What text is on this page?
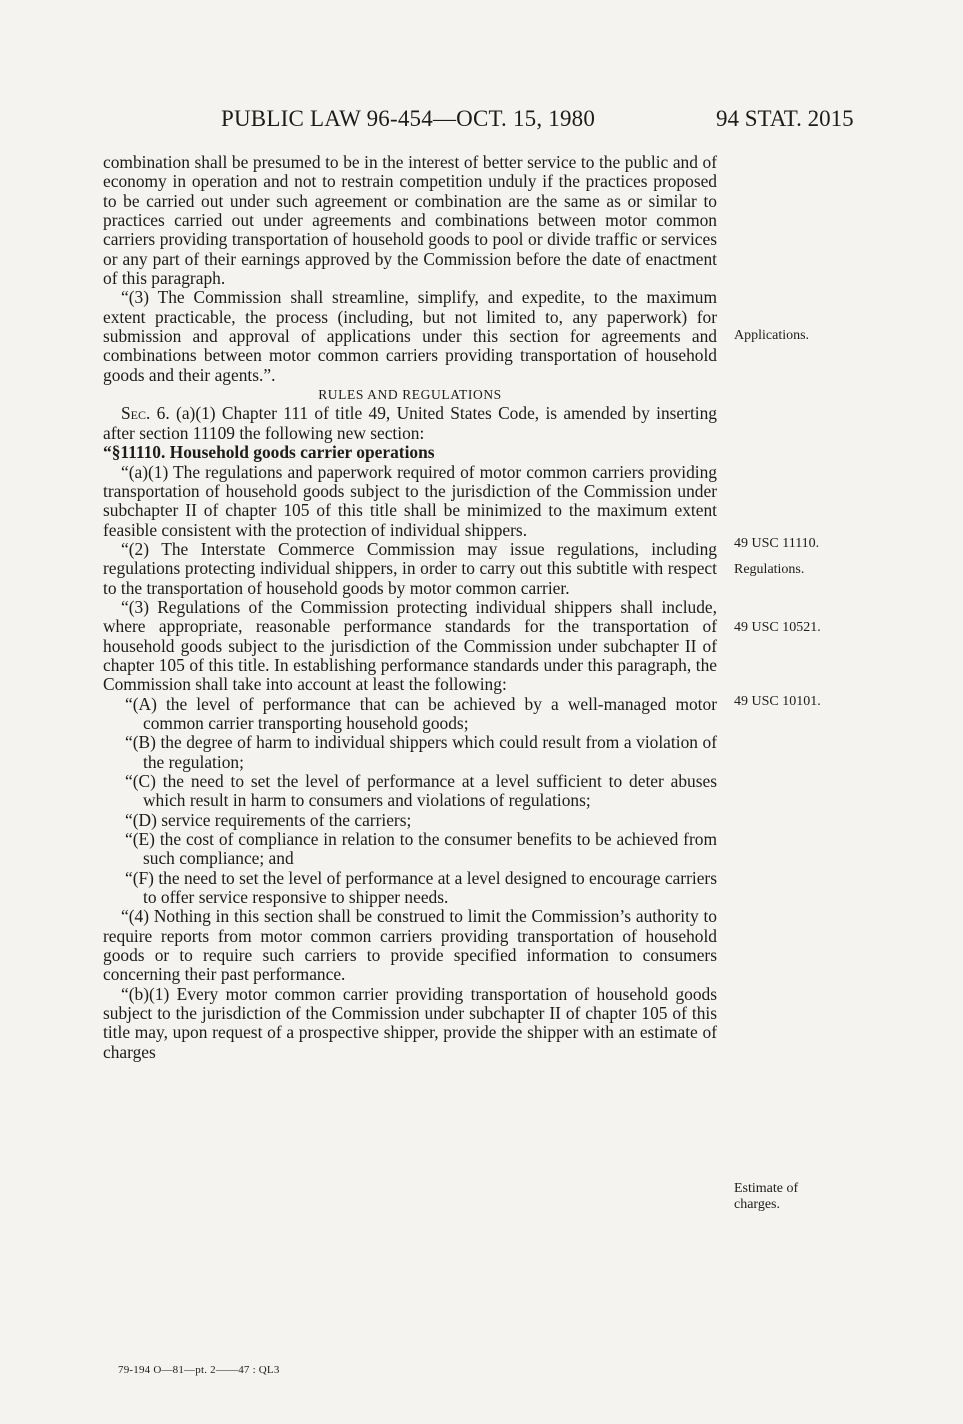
PUBLIC LAW 96-454—OCT. 15, 1980	94 STAT. 2015

combination shall be presumed to be in the interest of better service to the public and of economy in operation and not to restrain competition unduly if the practices proposed to be carried out under such agreement or combination are the same as or similar to practices carried out under agreements and combinations between motor common carriers providing transportation of household goods to pool or divide traffic or services or any part of their earnings approved by the Commission before the date of enactment of this paragraph.

“(3) The Commission shall streamline, simplify, and expedite, to the maximum extent practicable, the process (including, but not limited to, any paperwork) for submission and approval of applications under this section for agreements and combinations between motor common carriers providing transportation of household goods and their agents.”.

RULES AND REGULATIONS

Sec. 6. (a)(1) Chapter 111 of title 49, United States Code, is amended by inserting after section 11109 the following new section:

“§11110. Household goods carrier operations

“(a)(1) The regulations and paperwork required of motor common carriers providing transportation of household goods subject to the jurisdiction of the Commission under subchapter II of chapter 105 of this title shall be minimized to the maximum extent feasible consistent with the protection of individual shippers.

“(2) The Interstate Commerce Commission may issue regulations, including regulations protecting individual shippers, in order to carry out this subtitle with respect to the transportation of household goods by motor common carrier.

“(3) Regulations of the Commission protecting individual shippers shall include, where appropriate, reasonable performance standards for the transportation of household goods subject to the jurisdiction of the Commission under subchapter II of chapter 105 of this title. In establishing performance standards under this paragraph, the Commission shall take into account at least the following:

“(A) the level of performance that can be achieved by a well-managed motor common carrier transporting household goods;

“(B) the degree of harm to individual shippers which could result from a violation of the regulation;

“(C) the need to set the level of performance at a level sufficient to deter abuses which result in harm to consumers and violations of regulations;

“(D) service requirements of the carriers;

“(E) the cost of compliance in relation to the consumer benefits to be achieved from such compliance; and

“(F) the need to set the level of performance at a level designed to encourage carriers to offer service responsive to shipper needs.

“(4) Nothing in this section shall be construed to limit the Commission’s authority to require reports from motor common carriers providing transportation of household goods or to require such carriers to provide specified information to consumers concerning their past performance.

“(b)(1) Every motor common carrier providing transportation of household goods subject to the jurisdiction of the Commission under subchapter II of chapter 105 of this title may, upon request of a prospective shipper, provide the shipper with an estimate of charges

Applications.
49 USC 11110.
Regulations.
49 USC 10521.
49 USC 10101.
Estimate of
charges.
79-194 O—81—pt. 2——47 : QL3
